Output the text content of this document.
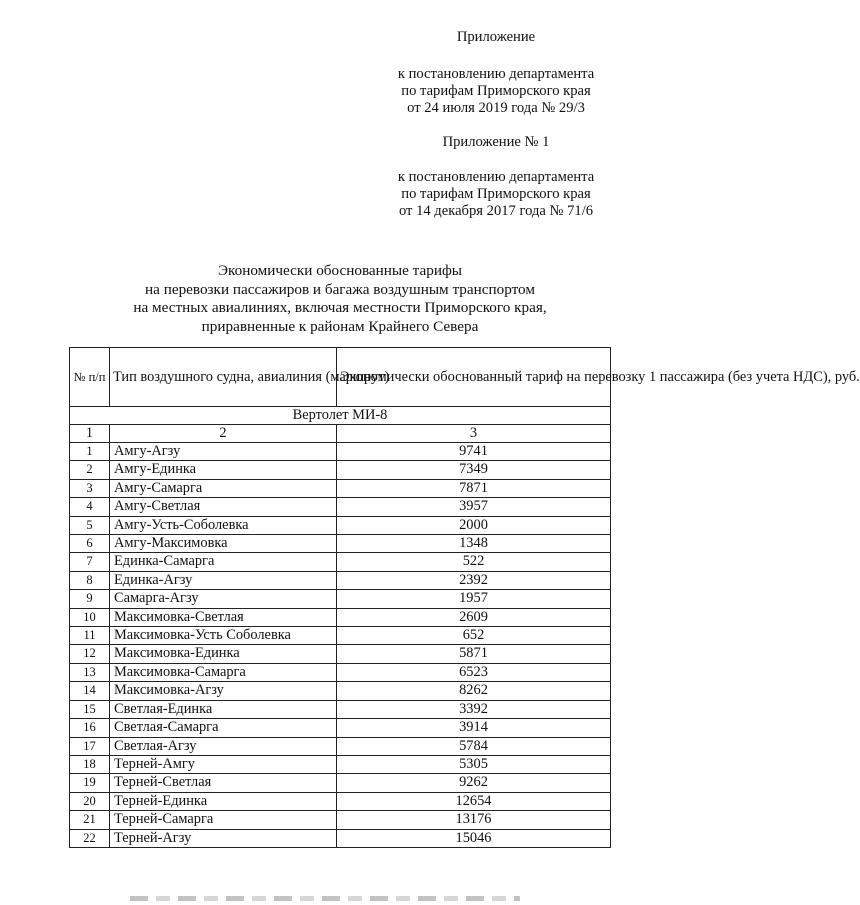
Приложение
к постановлению департамента
по тарифам Приморского края
от 24 июля 2019 года № 29/3
Приложение № 1
к постановлению департамента
по тарифам Приморского края
от 14 декабря 2017 года № 71/6
Экономически обоснованные тарифы
на перевозки пассажиров и багажа воздушным транспортом
на местных авиалиниях, включая местности Приморского края,
приравненные к районам Крайнего Севера
№ п/п	Тип воздушного судна, авиалиния (маршрут)	Экономически обоснованный тариф на перевозку 1 пассажира (без учета НДС), руб.
Вертолет МИ-8		
1	2	3
1	Амгу-Агзу	9741
2	Амгу-Единка	7349
3	Амгу-Самарга	7871
4	Амгу-Светлая	3957
5	Амгу-Усть-Соболевка	2000
6	Амгу-Максимовка	1348
7	Единка-Самарга	522
8	Единка-Агзу	2392
9	Самарга-Агзу	1957
10	Максимовка-Светлая	2609
11	Максимовка-Усть Соболевка	652
12	Максимовка-Единка	5871
13	Максимовка-Самарга	6523
14	Максимовка-Агзу	8262
15	Светлая-Единка	3392
16	Светлая-Самарга	3914
17	Светлая-Агзу	5784
18	Терней-Амгу	5305
19	Терней-Светлая	9262
20	Терней-Единка	12654
21	Терней-Самарга	13176
22	Терней-Агзу	15046
